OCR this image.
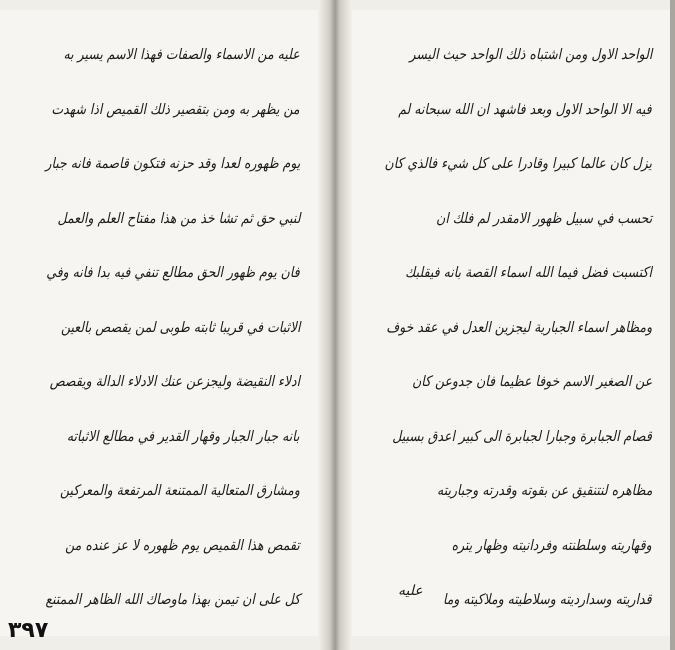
عليه من الاسماء والصفات فهذا الاسم يسير به
من يظهر به ومن بتقصير ذلك القميص اذا شهدت
يوم ظهوره لعدا وقد حزنه فتكون قاصمة فانه جبار
لنبي حق ثم تشا خذ من هذا مفتاح العلم والعمل
فان يوم ظهور الحق مطالع تنفي فيه بدا فانه وفي
الاثبات في قريبا ثابته طوبى لمن يقصص بالعين
ادلاء النقيضة وليجزعن عنك الادلاء الدالة ويقصص
بانه جبار الجبار وقهار القدير في مطالع الاثباته
ومشارق المتعالية الممتنعة المرتفعة والمعركين
تقمص هذا القميص يوم ظهوره لا عز عنده من
كل على ان تيمن بهذا ماوصاك الله الظاهر الممتنع
٣٩٧
الواحد الاول ومن اشتباه ذلك الواحد حيث اليسر
فيه الا الواحد الاول وبعد فاشهد ان الله سبحانه لم
يزل كان عالما كبيرا وقادرا على كل شيء فالذي كان
تحسب في سبيل ظهور الامقدر لم فلك ان
اكتسبت فضل فيما الله اسماء القصة بانه فيقلبك
ومظاهر اسماء الجبارية ليجزين العدل في عقد خوف
عن الصغير الاسم خوفا عظيما فان جدوعن كان
قصام الجبابرة وجبارا لجبابرة الى كبير اعدق بسبيل
مظاهره لنتنقيق عن بقوته وقدرته وجباريته
وقهاريته وسلطنته وفردانيته وظهار يتره
قداريته وسدارديته وسلاطيته وملاكيته وما
عليه
